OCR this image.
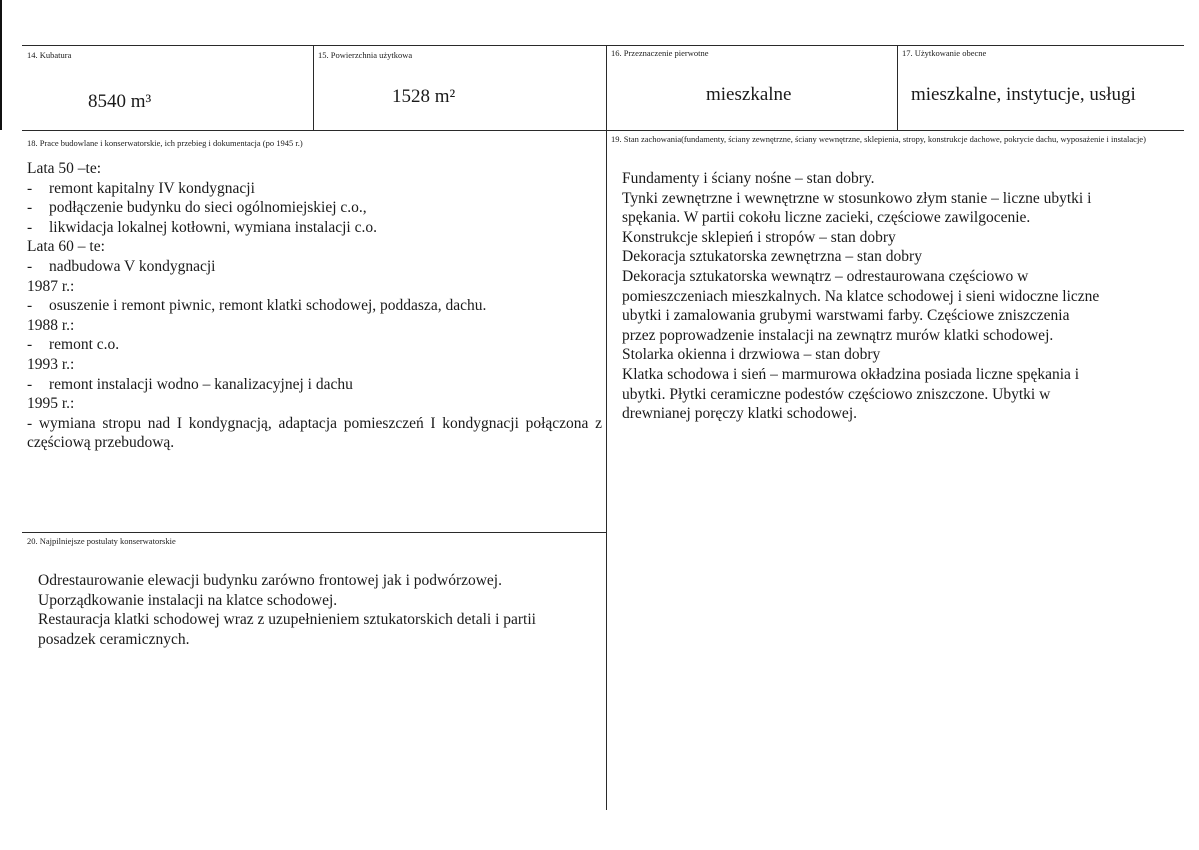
14. Kubatura
8540 m³
15. Powierzchnia użytkowa
1528 m²
16. Przeznaczenie pierwotne
mieszkalne
17. Użytkowanie obecne
mieszkalne, instytucje, usługi
18. Prace budowlane i konserwatorskie, ich przebieg i dokumentacja (po 1945 r.)
Lata 50 –te:
-	remont kapitalny IV kondygnacji
-	podłączenie budynku do sieci ogólnomiejskiej c.o.,
-	likwidacja lokalnej kotłowni, wymiana instalacji c.o.
Lata 60 – te:
-	nadbudowa V kondygnacji
1987 r.:
-	osuszenie i remont piwnic, remont klatki schodowej, poddasza, dachu.
1988 r.:
-	remont c.o.
1993 r.:
-	remont instalacji wodno – kanalizacyjnej i dachu
1995 r.:
- wymiana stropu nad I kondygnacją, adaptacja pomieszczeń I kondygnacji połączona z częściową przebudową.
19. Stan zachowania(fundamenty, ściany zewnętrzne, ściany wewnętrzne, sklepienia, stropy, konstrukcje dachowe, pokrycie dachu, wyposażenie i instalacje)
Fundamenty i ściany nośne – stan dobry.
Tynki zewnętrzne i wewnętrzne w stosunkowo złym stanie – liczne ubytki i
spękania. W partii cokołu liczne zacieki, częściowe zawilgocenie.
Konstrukcje sklepień i stropów – stan dobry
Dekoracja sztukatorska zewnętrzna – stan dobry
Dekoracja sztukatorska wewnątrz – odrestaurowana częściowo w
pomieszczeniach mieszkalnych. Na klatce schodowej i sieni widoczne liczne
ubytki i zamalowania grubymi warstwami farby. Częściowe zniszczenia
przez poprowadzenie instalacji na zewnątrz murów klatki schodowej.
Stolarka okienna i drzwiowa – stan dobry
Klatka schodowa i sień – marmurowa okładzina posiada liczne spękania i
ubytki. Płytki ceramiczne podestów częściowo zniszczone. Ubytki w
drewnianej poręczy klatki schodowej.
20. Najpilniejsze postulaty konserwatorskie
Odrestaurowanie elewacji budynku zarówno frontowej jak i podwórzowej.
Uporządkowanie instalacji na klatce schodowej.
Restauracja klatki schodowej wraz z uzupełnieniem sztukatorskich detali i partii
posadzek ceramicznych.
